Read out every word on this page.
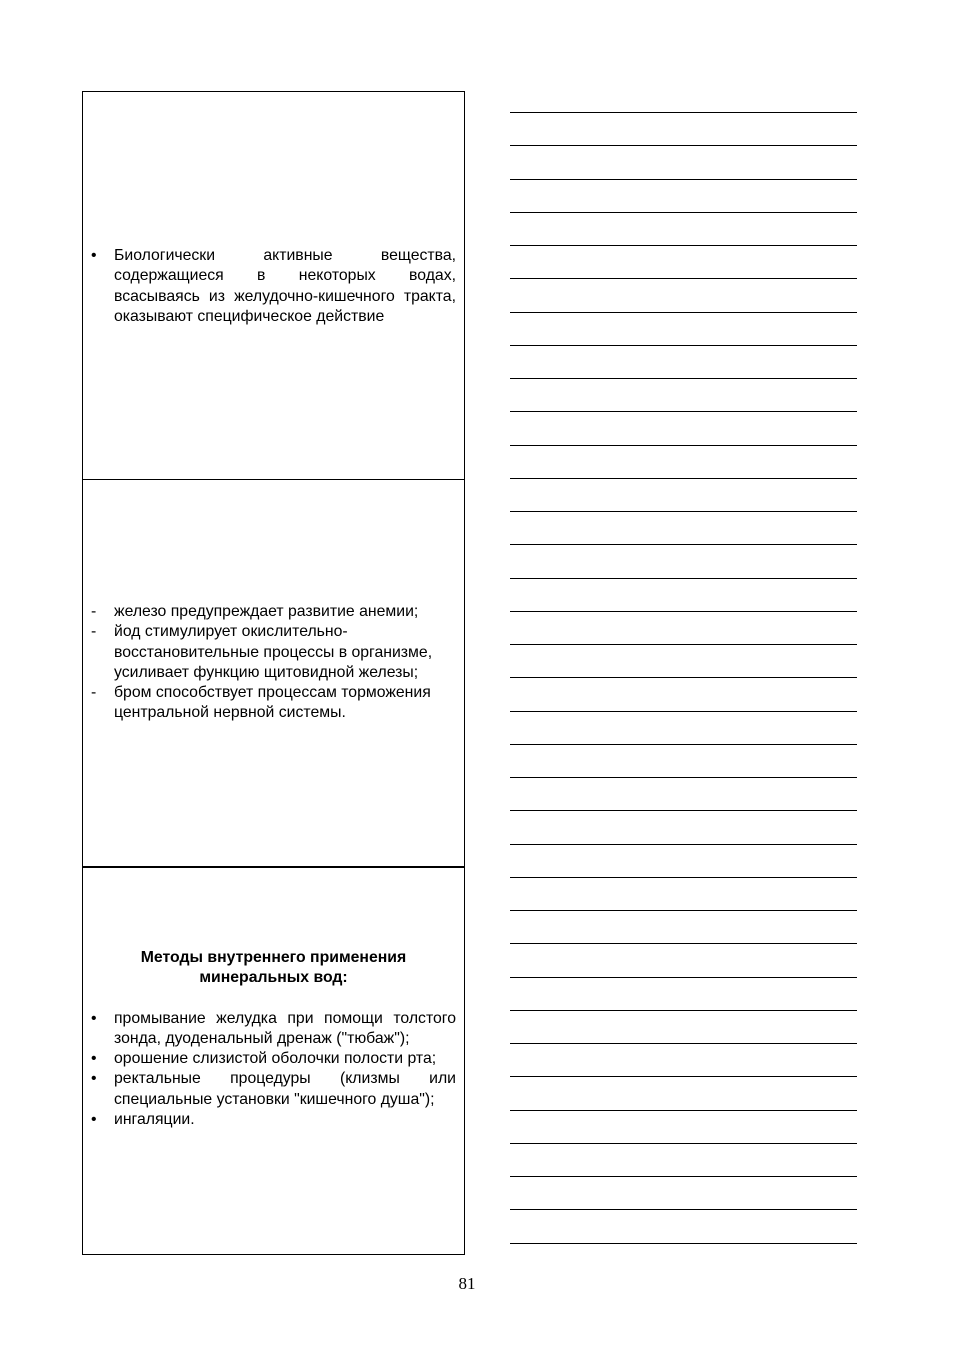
• Биологически активные вещества, содержащиеся в некоторых водах, всасываясь из желудочно-кишечного тракта, оказывают специфическое действие
- железо предупреждает развитие анемии;
- йод стимулирует окислительно-восстановительные процессы в организме, усиливает функцию щитовидной железы;
- бром способствует процессам торможения центральной нервной системы.
Методы внутреннего применения
минеральных вод:
• промывание желудка при помощи толстого зонда, дуоденальный дренаж ("тюбаж");
• орошение слизистой оболочки полости рта;
• ректальные процедуры (клизмы или специальные установки "кишечного душа");
• ингаляции.
81
